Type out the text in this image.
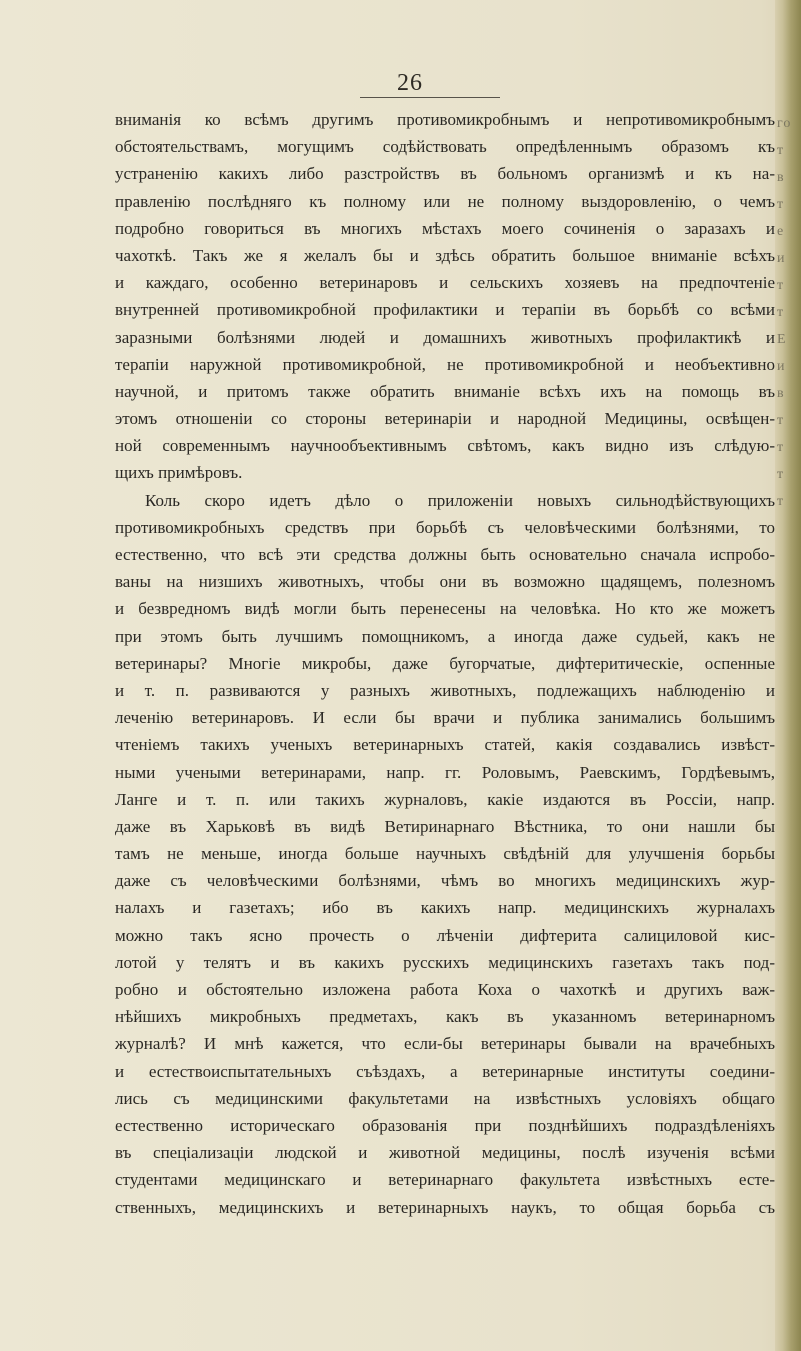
26
вниманія ко всѣмъ другимъ противомикробнымъ и непротивомикробнымъ
обстоятельствамъ, могущимъ содѣйствовать опредѣленнымъ образомъ къ
устраненію какихъ либо разстройствъ въ больномъ организмѣ и къ на-
правленію послѣдняго къ полному или не полному выздоровленію, о чемъ
подробно говориться въ многихъ мѣстахъ моего сочиненія о заразахъ и
чахоткѣ. Такъ же я желалъ бы и здѣсь обратить большое вниманіе всѣхъ
и каждаго, особенно ветеринаровъ и сельскихъ хозяевъ на предпочтеніе
внутренней противомикробной профилактики и терапіи въ борьбѣ со всѣми
заразными болѣзнями людей и домашнихъ животныхъ профилактикѣ и
терапіи наружной противомикробной, не противомикробной и необъективно
научной, и притомъ также обратить вниманіе всѣхъ ихъ на помощь въ
этомъ отношеніи со стороны ветеринаріи и народной Медицины, освѣщен-
ной современнымъ научнообъективнымъ свѣтомъ, какъ видно изъ слѣдую-
щихъ примѣровъ.
Коль скоро идетъ дѣло о приложеніи новыхъ сильнодѣйствующихъ
противомикробныхъ средствъ при борьбѣ съ человѣческими болѣзнями, то
естественно, что всѣ эти средства должны быть основательно сначала испробо-
ваны на низшихъ животныхъ, чтобы они въ возможно щадящемъ, полезномъ
и безвредномъ видѣ могли быть перенесены на человѣка. Но кто же можетъ
при этомъ быть лучшимъ помощникомъ, а иногда даже судьей, какъ не
ветеринары? Многіе микробы, даже бугорчатые, дифтеритическіе, оспенные
и т. п. развиваются у разныхъ животныхъ, подлежащихъ наблюденію и
леченію ветеринаровъ. И если бы врачи и публика занимались большимъ
чтеніемъ такихъ ученыхъ ветеринарныхъ статей, какія создавались извѣст-
ными учеными ветеринарами, напр. гг. Роловымъ, Раевскимъ, Гордѣевымъ,
Ланге и т. п. или такихъ журналовъ, какіе издаются въ Россіи, напр.
даже въ Харьковѣ въ видѣ Ветиринарнаго Вѣстника, то они нашли бы
тамъ не меньше, иногда больше научныхъ свѣдѣній для улучшенія борьбы
даже съ человѣческими болѣзнями, чѣмъ во многихъ медицинскихъ жур-
налахъ и газетахъ; ибо въ какихъ напр. медицинскихъ журналахъ
можно такъ ясно прочесть о лѣченіи дифтерита салициловой кис-
лотой у телятъ и въ какихъ русскихъ медицинскихъ газетахъ такъ под-
робно и обстоятельно изложена работа Коха о чахоткѣ и другихъ важ-
нѣйшихъ микробныхъ предметахъ, какъ въ указанномъ ветеринарномъ
журналѣ? И мнѣ кажется, что если-бы ветеринары бывали на врачебныхъ
и естествоиспытательныхъ съѣздахъ, а ветеринарные институты соедини-
лись съ медицинскими факультетами на извѣстныхъ условіяхъ общаго
естественно историческаго образованія при позднѣйшихъ подраздѣленіяхъ
въ спеціализаціи людской и животной медицины, послѣ изученія всѣми
студентами медицинскаго и ветеринарнаго факультета извѣстныхъ есте-
ственныхъ, медицинскихъ и ветеринарныхъ наукъ, то общая борьба съ
го
т
в
т
е
и
т
т
Е
и
в
т
т
т
т
